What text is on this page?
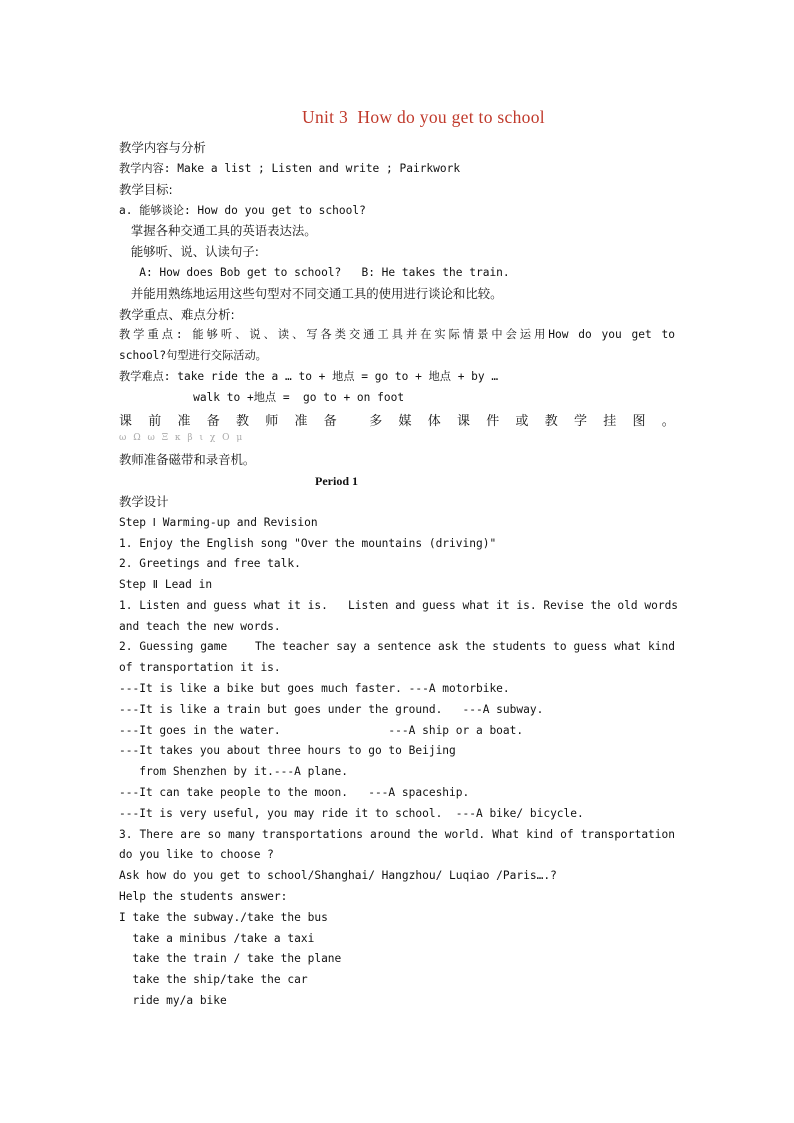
Unit 3  How do you get to school
教学内容与分析
教学内容: Make a list ; Listen and write ; Pairkwork
教学目标:
a. 能够谈论: How do you get to school?
掌握各种交通工具的英语表达法。
能够听、说、认读句子:
A: How does Bob get to school?   B: He takes the train.
并能用熟练地运用这些句型对不同交通工具的使用进行谈论和比较。
教学重点、难点分析:
教学重点: 能够听、说、读、写各类交通工具并在实际情景中会运用How do you get to
school?句型进行交际活动。
教学难点: take ride the a … to + 地点 = go to + 地点 + by …
walk to +地点 =  go to + on foot
课 前 准 备 教 师 准 备 多 媒 体 课 件 或 教 学 挂 图 。
ω Ω ω Ξ κ β ι χ Ο μ
教师准备磁带和录音机。
Period 1
教学设计
Step Ⅰ Warming-up and Revision
1. Enjoy the English song "Over the mountains (driving)"
2. Greetings and free talk.
Step Ⅱ Lead in
1. Listen and guess what it is.   Listen and guess what it is. Revise the old words
and teach the new words.
2. Guessing game    The teacher say a sentence ask the students to guess what kind
of transportation it is.
---It is like a bike but goes much faster. ---A motorbike.
---It is like a train but goes under the ground.   ---A subway.
---It goes in the water.                ---A ship or a boat.
---It takes you about three hours to go to Beijing
from Shenzhen by it.---A plane.
---It can take people to the moon.   ---A spaceship.
---It is very useful, you may ride it to school.  ---A bike/ bicycle.
3. There are so many transportations around the world. What kind of transportation
do you like to choose ?
Ask how do you get to school/Shanghai/ Hangzhou/ Luqiao /Paris….?
Help the students answer:
I take the subway./take the bus
take a minibus /take a taxi
take the train / take the plane
take the ship/take the car
ride my/a bike
